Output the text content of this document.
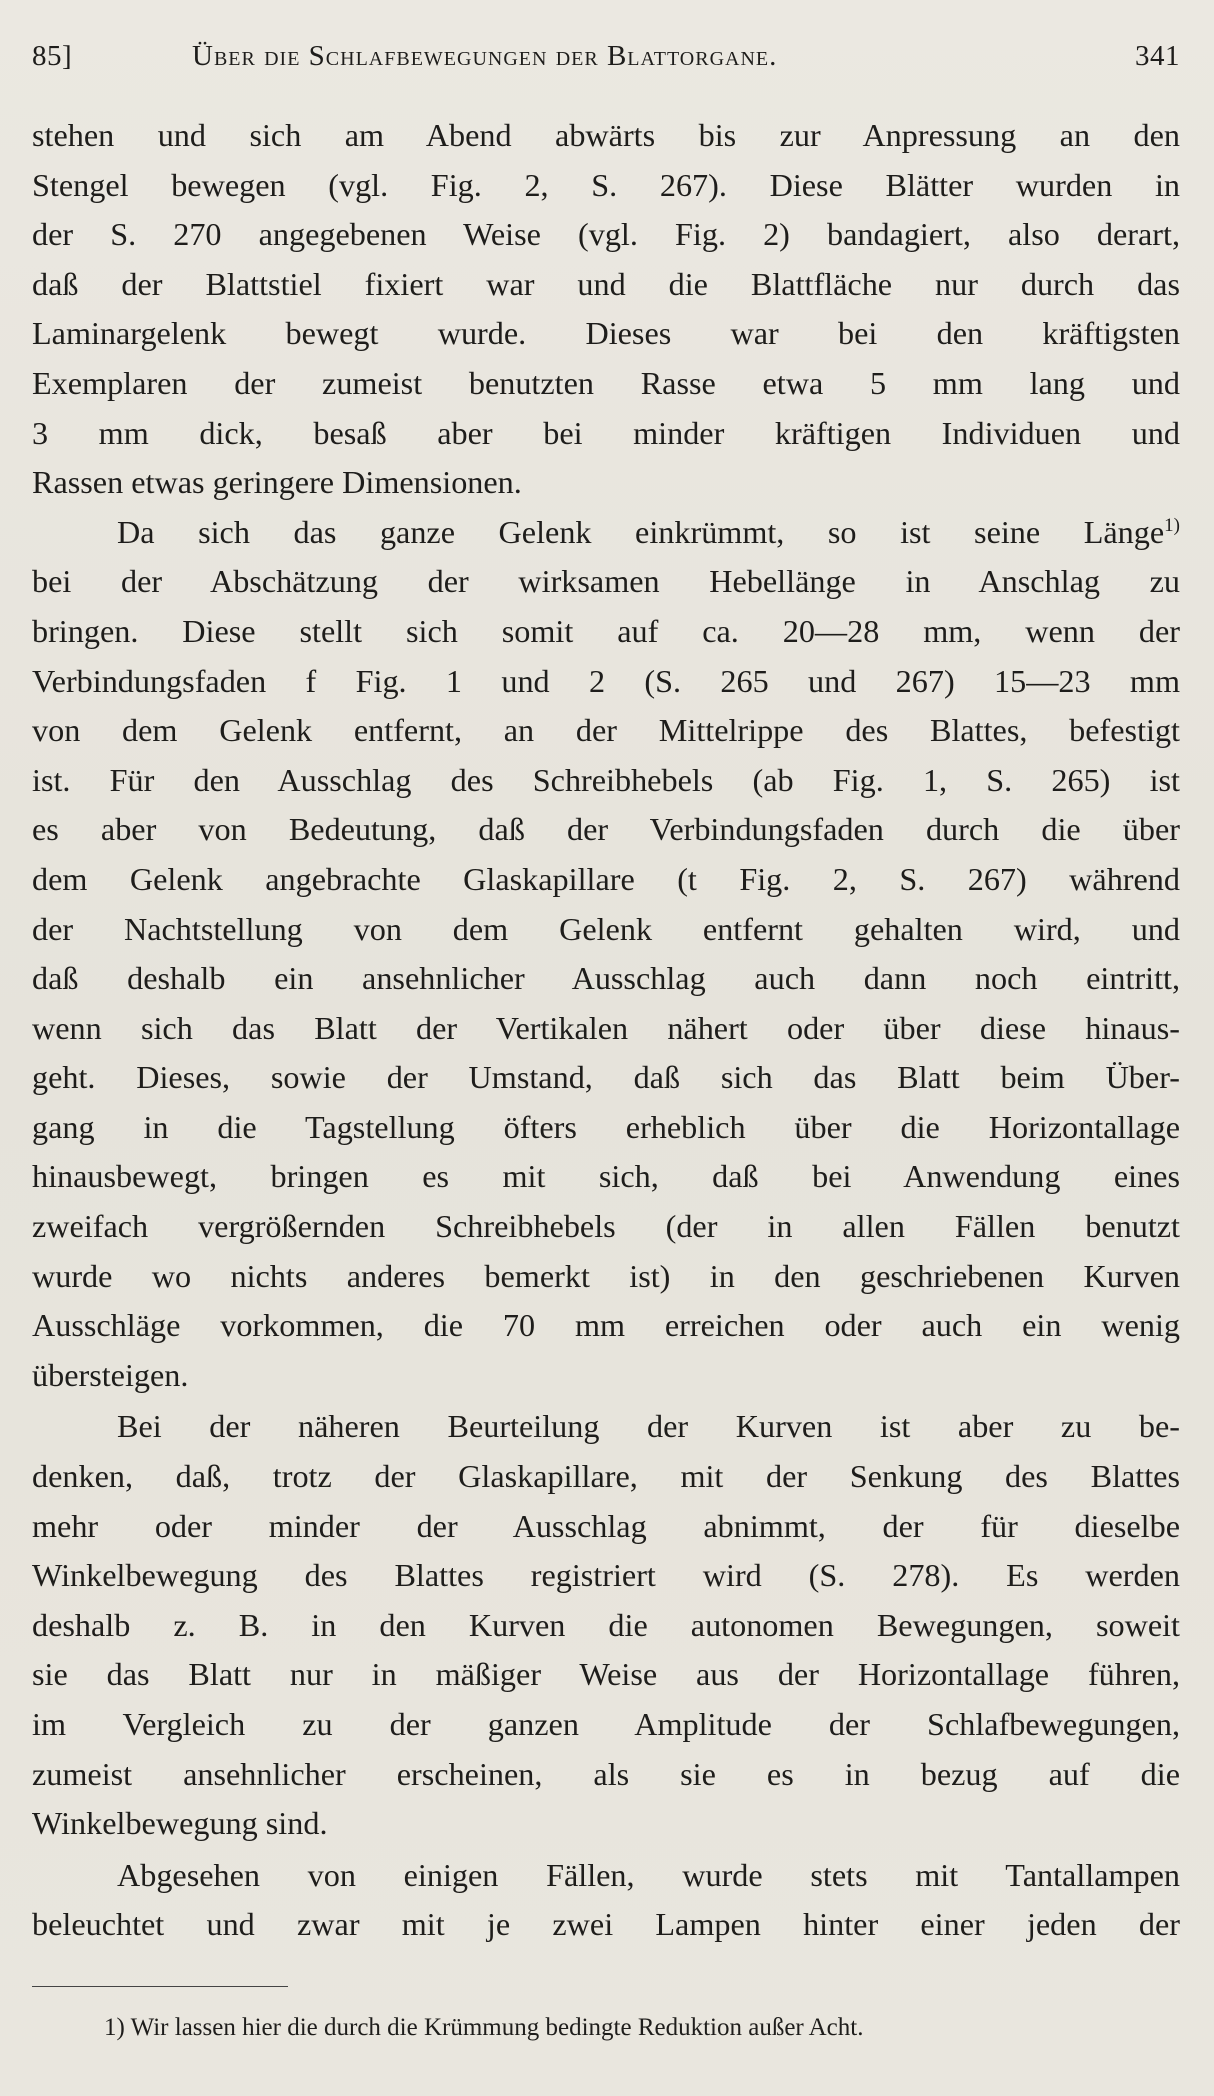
85]	Über die Schlafbewegungen der Blattorgane.	341

stehen und sich am Abend abwärts bis zur Anpressung an den
Stengel bewegen (vgl. Fig. 2, S. 267). Diese Blätter wurden in
der S. 270 angegebenen Weise (vgl. Fig. 2) bandagiert, also derart,
daß der Blattstiel fixiert war und die Blattfläche nur durch das
Laminargelenk bewegt wurde. Dieses war bei den kräftigsten
Exemplaren der zumeist benutzten Rasse etwa 5 mm lang und
3 mm dick, besaß aber bei minder kräftigen Individuen und
Rassen etwas geringere Dimensionen.

Da sich das ganze Gelenk einkrümmt, so ist seine Länge$^{1)}$
bei der Abschätzung der wirksamen Hebellänge in Anschlag zu
bringen. Diese stellt sich somit auf ca. 20—28 mm, wenn der
Verbindungsfaden f Fig. 1 und 2 (S. 265 und 267) 15—23 mm
von dem Gelenk entfernt, an der Mittelrippe des Blattes, befestigt
ist. Für den Ausschlag des Schreibhebels (ab Fig. 1, S. 265) ist
es aber von Bedeutung, daß der Verbindungsfaden durch die über
dem Gelenk angebrachte Glaskapillare (t Fig. 2, S. 267) während
der Nachtstellung von dem Gelenk entfernt gehalten wird, und
daß deshalb ein ansehnlicher Ausschlag auch dann noch eintritt,
wenn sich das Blatt der Vertikalen nähert oder über diese hinaus-
geht. Dieses, sowie der Umstand, daß sich das Blatt beim Über-
gang in die Tagstellung öfters erheblich über die Horizontallage
hinausbewegt, bringen es mit sich, daß bei Anwendung eines
zweifach vergrößernden Schreibhebels (der in allen Fällen benutzt
wurde wo nichts anderes bemerkt ist) in den geschriebenen Kurven
Ausschläge vorkommen, die 70 mm erreichen oder auch ein wenig
übersteigen.

Bei der näheren Beurteilung der Kurven ist aber zu be-
denken, daß, trotz der Glaskapillare, mit der Senkung des Blattes
mehr oder minder der Ausschlag abnimmt, der für dieselbe
Winkelbewegung des Blattes registriert wird (S. 278). Es werden
deshalb z. B. in den Kurven die autonomen Bewegungen, soweit
sie das Blatt nur in mäßiger Weise aus der Horizontallage führen,
im Vergleich zu der ganzen Amplitude der Schlafbewegungen,
zumeist ansehnlicher erscheinen, als sie es in bezug auf die
Winkelbewegung sind.

Abgesehen von einigen Fällen, wurde stets mit Tantallampen
beleuchtet und zwar mit je zwei Lampen hinter einer jeden der

1) Wir lassen hier die durch die Krümmung bedingte Reduktion außer Acht.
